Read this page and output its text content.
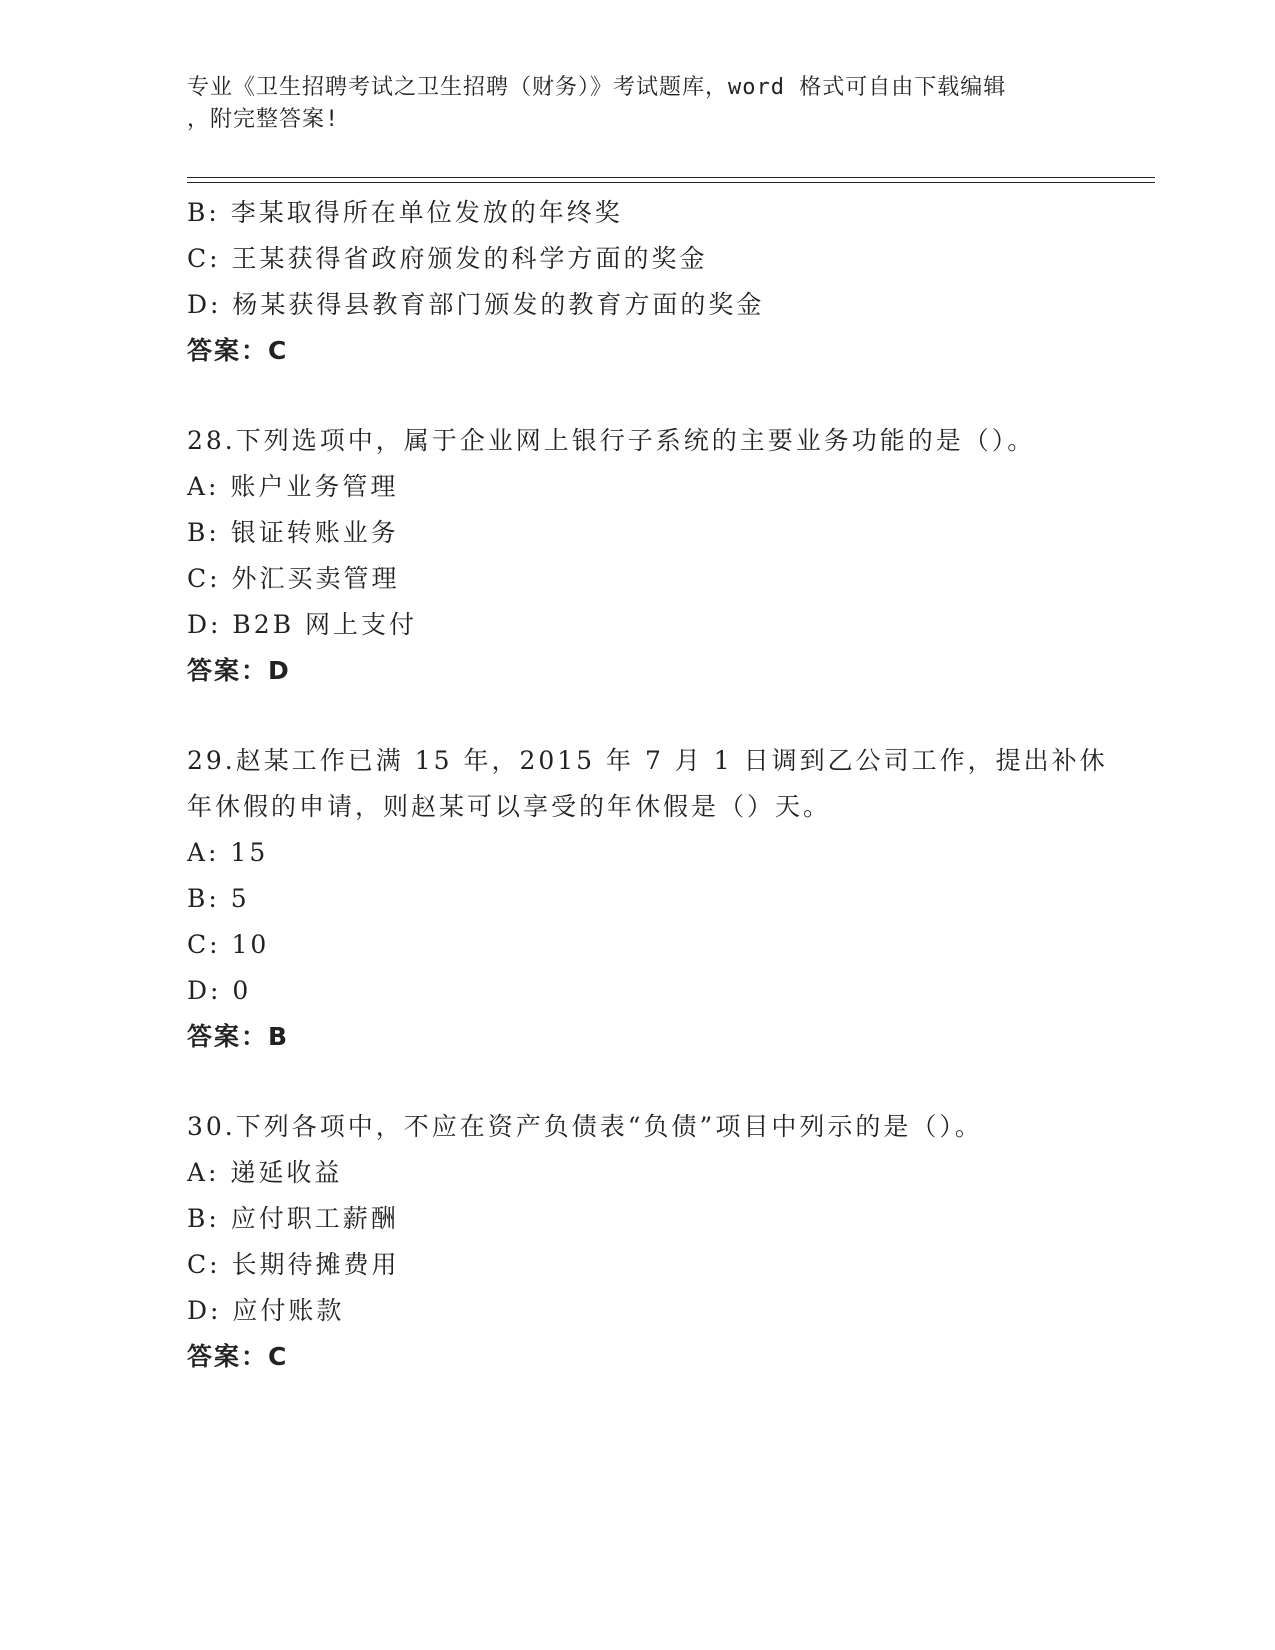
专业《卫生招聘考试之卫生招聘（财务）》考试题库，word 格式可自由下载编辑
，附完整答案!
B: 李某取得所在单位发放的年终奖
C: 王某获得省政府颁发的科学方面的奖金
D: 杨某获得县教育部门颁发的教育方面的奖金
答案：C
28.下列选项中，属于企业网上银行子系统的主要业务功能的是（）。
A: 账户业务管理
B: 银证转账业务
C: 外汇买卖管理
D: B2B 网上支付
答案：D
29.赵某工作已满 15 年，2015 年 7 月 1 日调到乙公司工作，提出补休
年休假的申请，则赵某可以享受的年休假是（）天。
A: 15
B: 5
C: 10
D: 0
答案：B
30.下列各项中，不应在资产负债表“负债”项目中列示的是（）。
A: 递延收益
B: 应付职工薪酬
C: 长期待摊费用
D: 应付账款
答案：C
